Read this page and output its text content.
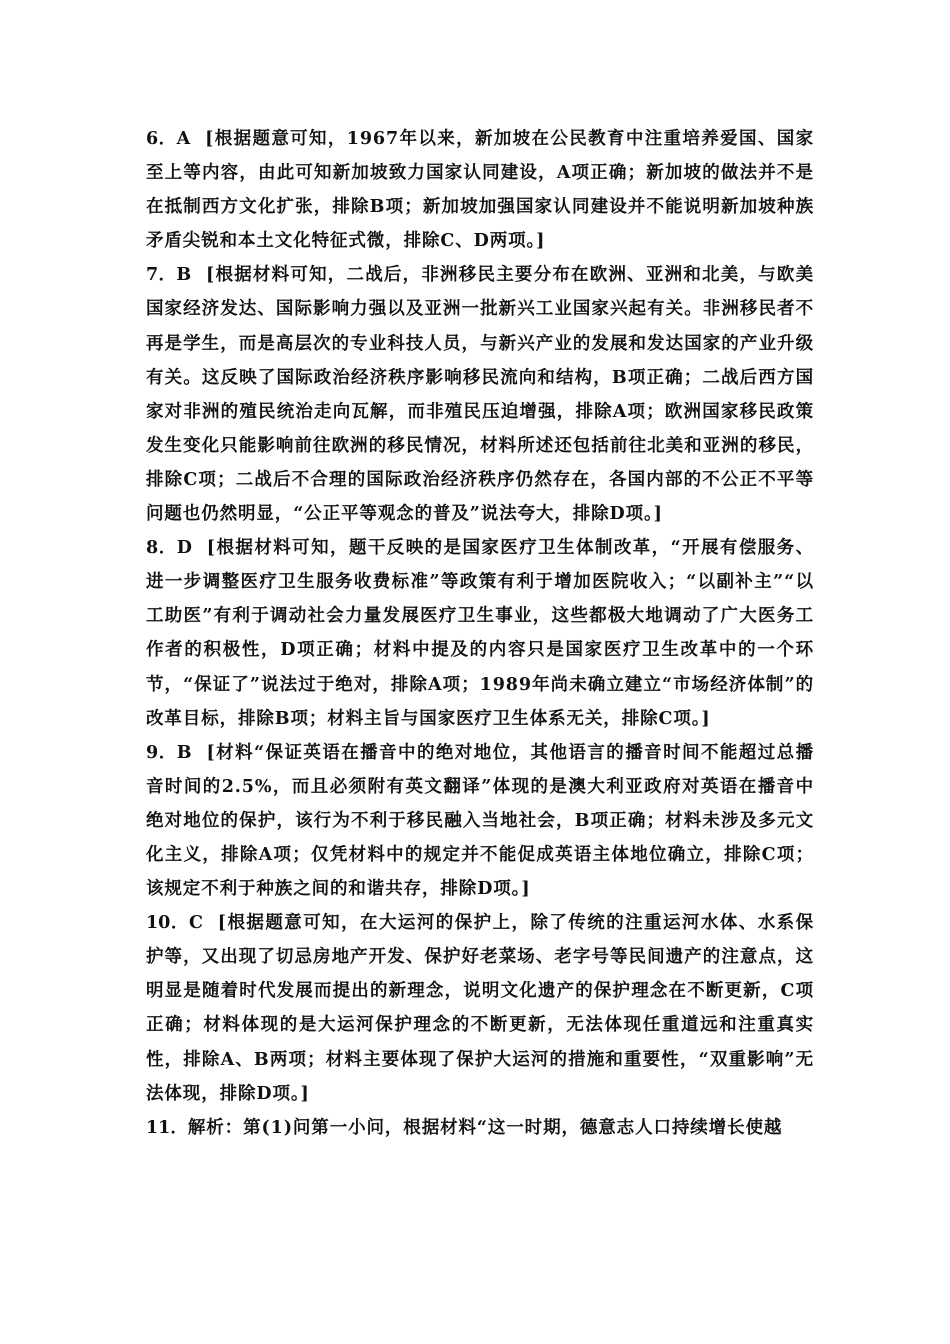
6．A [根据题意可知，1967年以来，新加坡在公民教育中注重培养爱国、国家至上等内容，由此可知新加坡致力国家认同建设，A项正确；新加坡的做法并不是在抵制西方文化扩张，排除B项；新加坡加强国家认同建设并不能说明新加坡种族矛盾尖锐和本土文化特征式微，排除C、D两项。]

7．B [根据材料可知，二战后，非洲移民主要分布在欧洲、亚洲和北美，与欧美国家经济发达、国际影响力强以及亚洲一批新兴工业国家兴起有关。非洲移民者不再是学生，而是高层次的专业科技人员，与新兴产业的发展和发达国家的产业升级有关。这反映了国际政治经济秩序影响移民流向和结构，B项正确；二战后西方国家对非洲的殖民统治走向瓦解，而非殖民压迫增强，排除A项；欧洲国家移民政策发生变化只能影响前往欧洲的移民情况，材料所述还包括前往北美和亚洲的移民，排除C项；二战后不合理的国际政治经济秩序仍然存在，各国内部的不公正不平等问题也仍然明显，“公正平等观念的普及”说法夸大，排除D项。]

8．D [根据材料可知，题干反映的是国家医疗卫生体制改革，“开展有偿服务、进一步调整医疗卫生服务收费标准”等政策有利于增加医院收入；“以副补主”“以工助医”有利于调动社会力量发展医疗卫生事业，这些都极大地调动了广大医务工作者的积极性，D项正确；材料中提及的内容只是国家医疗卫生改革中的一个环节，“保证了”说法过于绝对，排除A项；1989年尚未确立建立“市场经济体制”的改革目标，排除B项；材料主旨与国家医疗卫生体系无关，排除C项。]

9．B [材料“保证英语在播音中的绝对地位，其他语言的播音时间不能超过总播音时间的2.5%，而且必须附有英文翻译”体现的是澳大利亚政府对英语在播音中绝对地位的保护，该行为不利于移民融入当地社会，B项正确；材料未涉及多元文化主义，排除A项；仅凭材料中的规定并不能促成英语主体地位确立，排除C项；该规定不利于种族之间的和谐共存，排除D项。]

10．C [根据题意可知，在大运河的保护上，除了传统的注重运河水体、水系保护等，又出现了切忌房地产开发、保护好老菜场、老字号等民间遗产的注意点，这明显是随着时代发展而提出的新理念，说明文化遗产的保护理念在不断更新，C项正确；材料体现的是大运河保护理念的不断更新，无法体现任重道远和注重真实性，排除A、B两项；材料主要体现了保护大运河的措施和重要性，“双重影响”无法体现，排除D项。]

11．解析：第(1)问第一小问，根据材料“这一时期，德意志人口持续增长使越
